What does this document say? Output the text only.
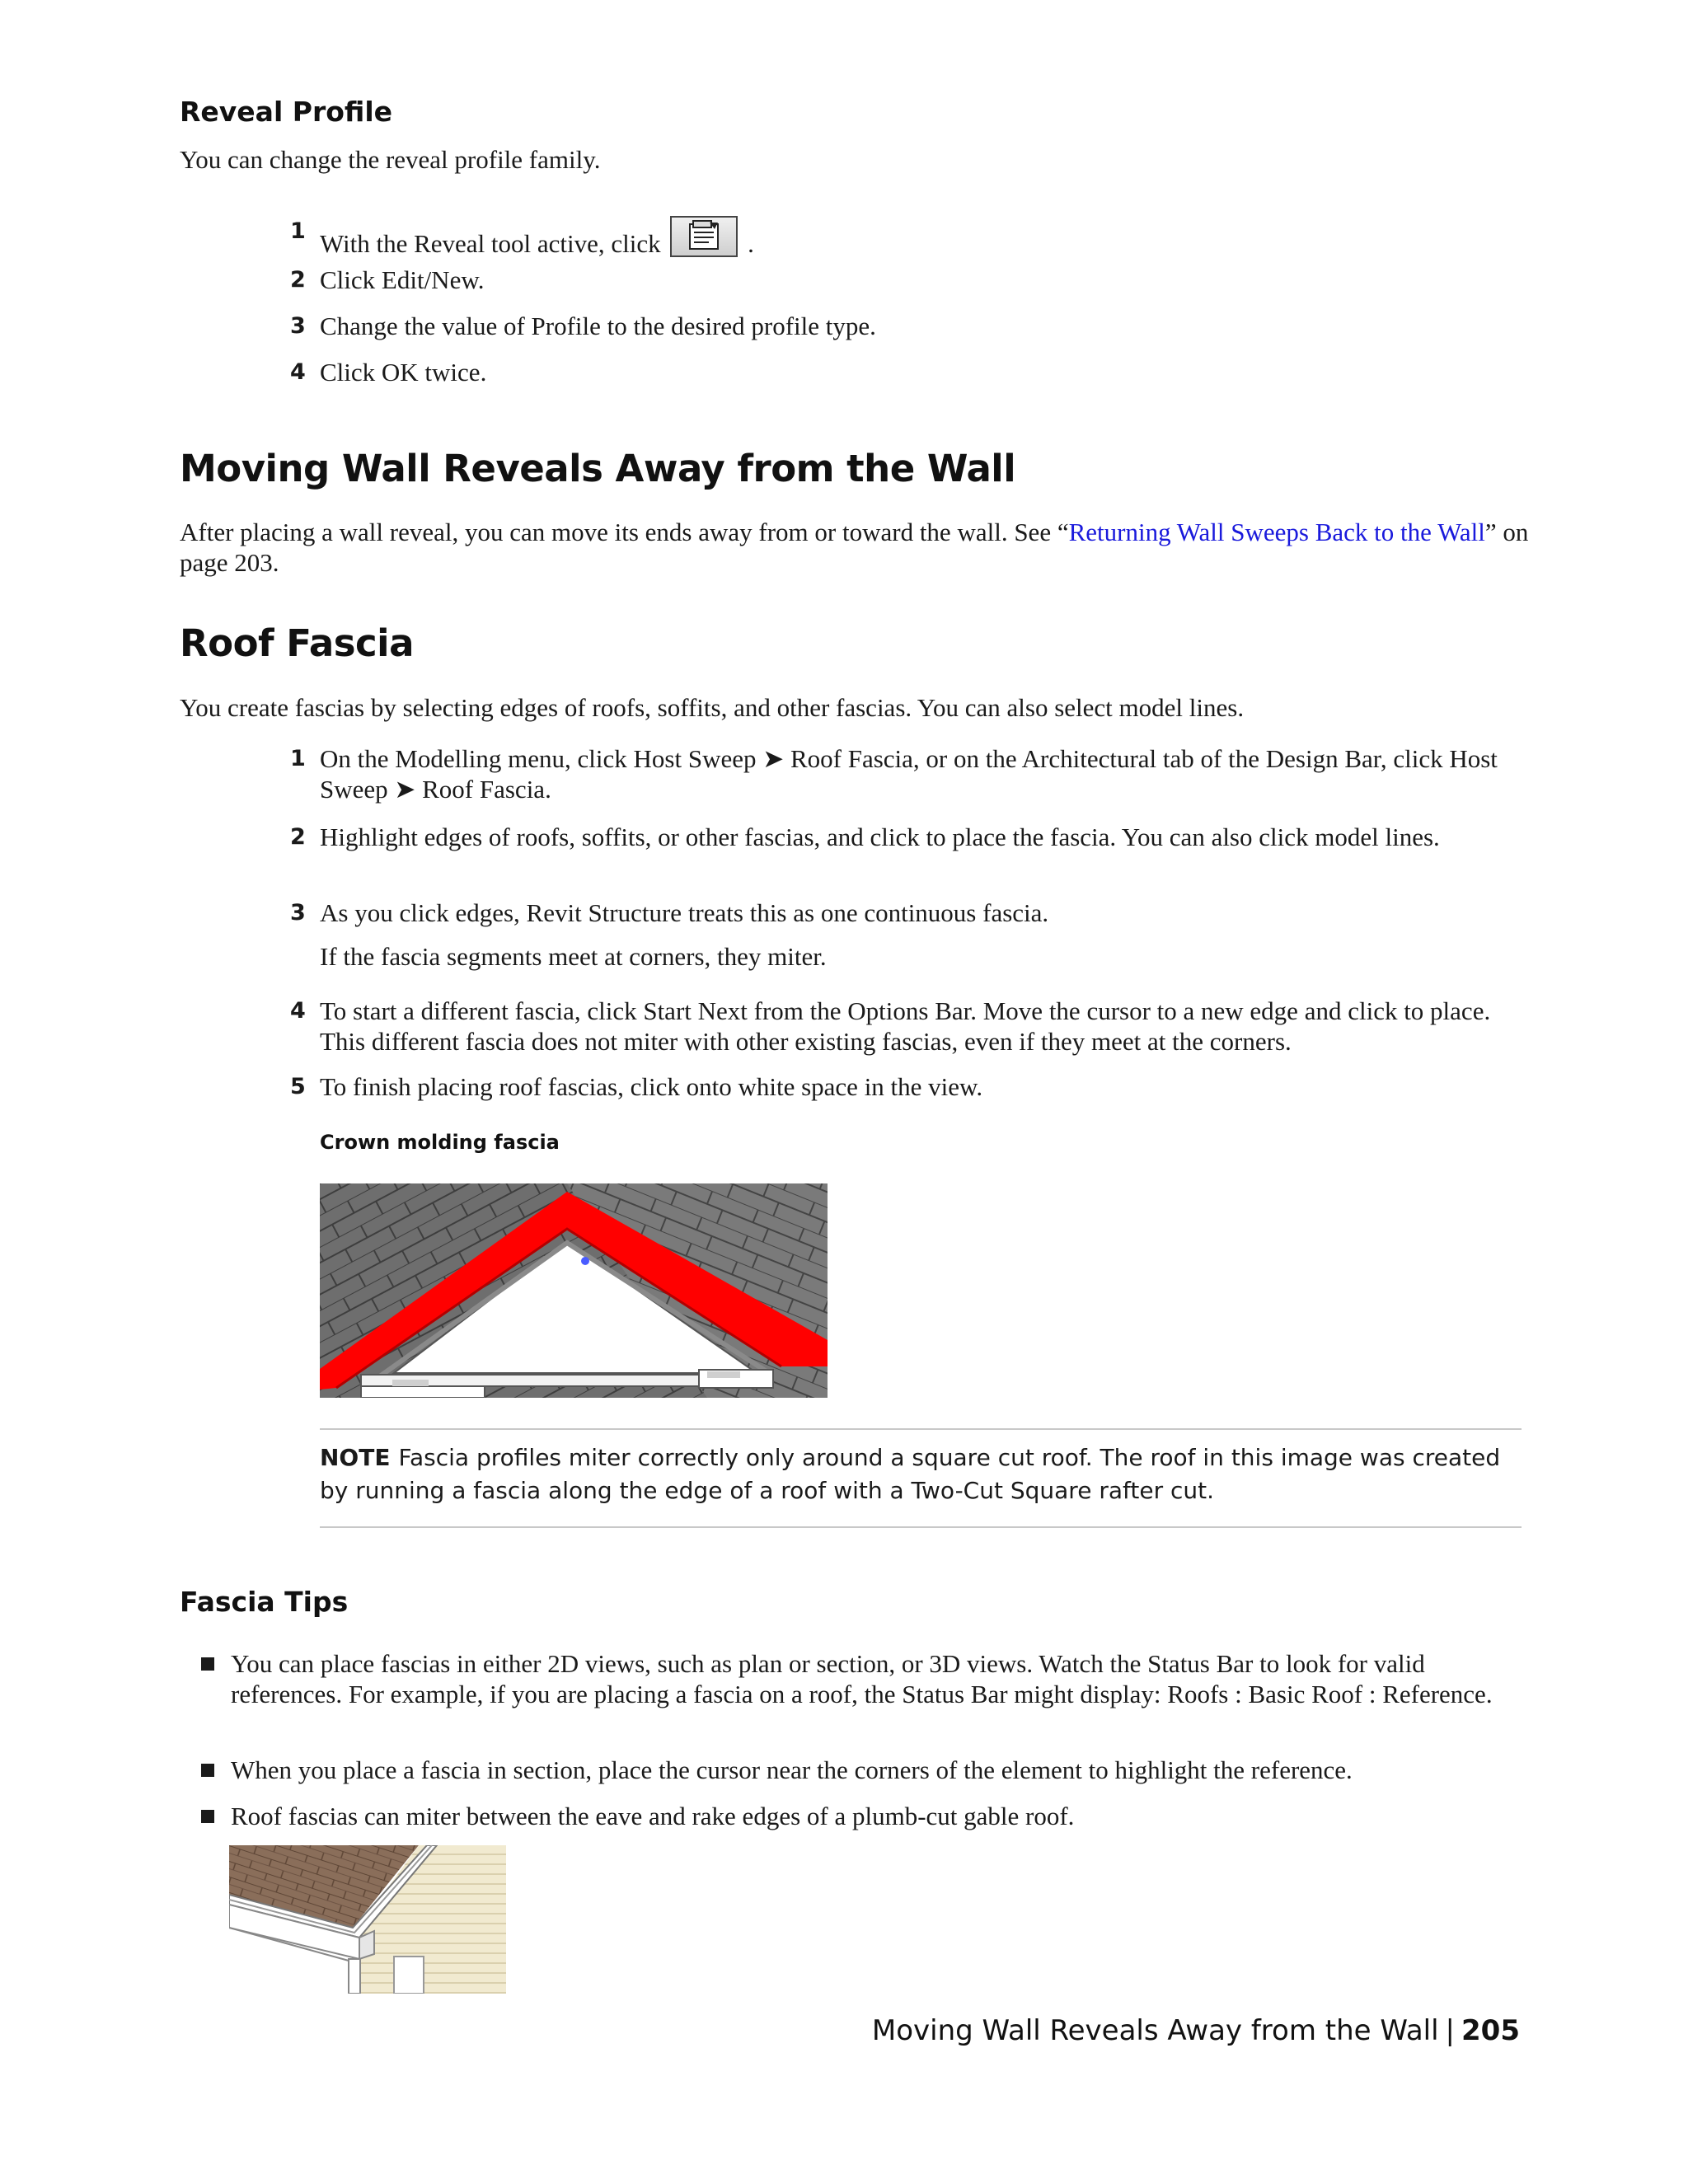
Reveal Profile

You can change the reveal profile family.

1 With the Reveal tool active, click	.
2 Click Edit/New.
3 Change the value of Profile to the desired profile type.
4 Click OK twice.
Moving Wall Reveals Away from the Wall

After placing a wall reveal, you can move its ends away from or toward the wall. See “Returning Wall Sweeps Back to the Wall” on page 203.

Roof Fascia

You create fascias by selecting edges of roofs, soffits, and other fascias. You can also select model lines.

1 On the Modelling menu, click Host Sweep ➤ Roof Fascia, or on the Architectural tab of the Design Bar, click Host Sweep ➤ Roof Fascia.
2 Highlight edges of roofs, soffits, or other fascias, and click to place the fascia. You can also click model lines.
3 As you click edges, Revit Structure treats this as one continuous fascia.
If the fascia segments meet at corners, they miter.
4 To start a different fascia, click Start Next from the Options Bar. Move the cursor to a new edge and click to place. This different fascia does not miter with other existing fascias, even if they meet at the corners.
5 To finish placing roof fascias, click onto white space in the view.
Crown molding fascia
NOTE Fascia profiles miter correctly only around a square cut roof. The roof in this image was created by running a fascia along the edge of a roof with a Two-Cut Square rafter cut.
Fascia Tips
You can place fascias in either 2D views, such as plan or section, or 3D views. Watch the Status Bar to look for valid references. For example, if you are placing a fascia on a roof, the Status Bar might display: Roofs : Basic Roof : Reference.
When you place a fascia in section, place the cursor near the corners of the element to highlight the reference.
Roof fascias can miter between the eave and rake edges of a plumb-cut gable roof.
Moving Wall Reveals Away from the Wall | 205
